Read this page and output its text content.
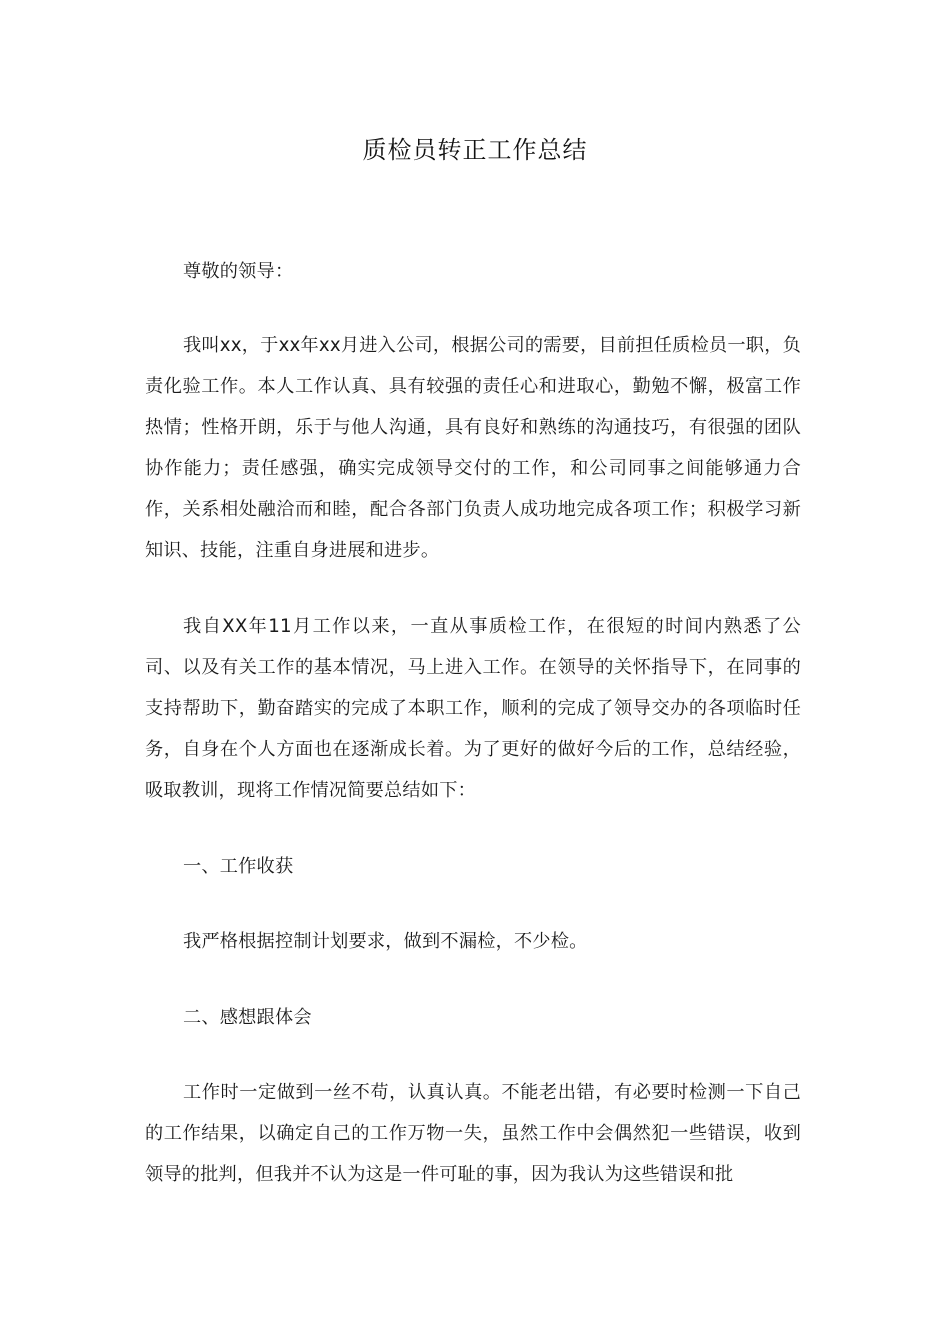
质检员转正工作总结
尊敬的领导：
我叫xx，于xx年xx月进入公司，根据公司的需要，目前担任质检员一职，负责化验工作。本人工作认真、具有较强的责任心和进取心，勤勉不懈，极富工作热情；性格开朗，乐于与他人沟通，具有良好和熟练的沟通技巧，有很强的团队协作能力；责任感强，确实完成领导交付的工作，和公司同事之间能够通力合作，关系相处融洽而和睦，配合各部门负责人成功地完成各项工作；积极学习新知识、技能，注重自身进展和进步。
我自XX年11月工作以来，一直从事质检工作，在很短的时间内熟悉了公司、以及有关工作的基本情况，马上进入工作。在领导的关怀指导下，在同事的支持帮助下，勤奋踏实的完成了本职工作，顺利的完成了领导交办的各项临时任务，自身在个人方面也在逐渐成长着。为了更好的做好今后的工作，总结经验，吸取教训，现将工作情况简要总结如下：
一、工作收获
我严格根据控制计划要求，做到不漏检，不少检。
二、感想跟体会
工作时一定做到一丝不苟，认真认真。不能老出错，有必要时检测一下自己的工作结果，以确定自己的工作万物一失，虽然工作中会偶然犯一些错误，收到领导的批判，但我并不认为这是一件可耻的事，因为我认为这些错误和批
